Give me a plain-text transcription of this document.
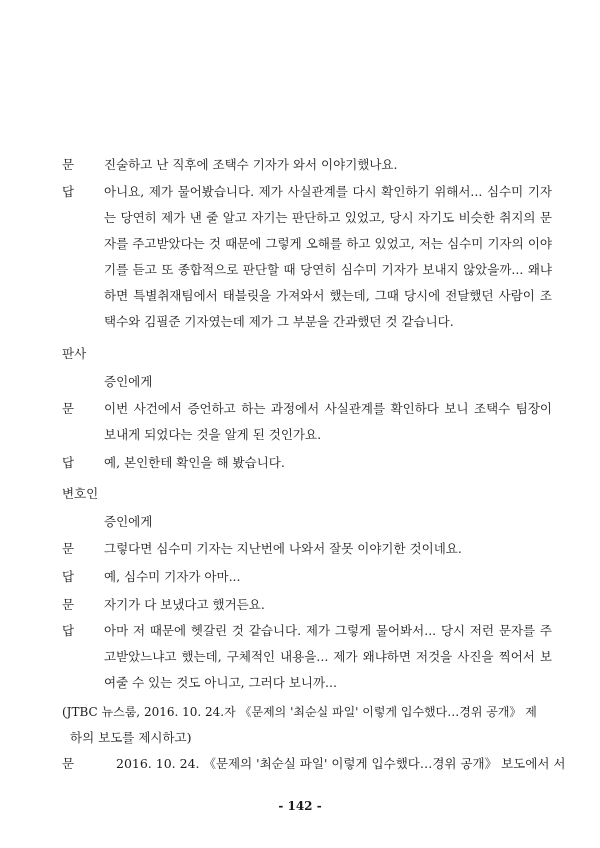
문 진술하고 난 직후에 조택수 기자가 와서 이야기했나요.

답 아니요, 제가 물어봤습니다. 제가 사실관계를 다시 확인하기 위해서... 심수미 기자는 당연히 제가 낸 줄 알고 자기는 판단하고 있었고, 당시 자기도 비슷한 취지의 문자를 주고받았다는 것 때문에 그렇게 오해를 하고 있었고, 저는 심수미 기자의 이야기를 듣고 또 종합적으로 판단할 때 당연히 심수미 기자가 보내지 않았을까... 왜냐하면 특별취재팀에서 태블릿을 가져와서 했는데, 그때 당시에 전달했던 사람이 조택수와 김필준 기자였는데 제가 그 부분을 간과했던 것 같습니다.

판사

증인에게

문 이번 사건에서 증언하고 하는 과정에서 사실관계를 확인하다 보니 조택수 팀장이 보내게 되었다는 것을 알게 된 것인가요.

답 예, 본인한테 확인을 해 봤습니다.

변호인

증인에게

문 그렇다면 심수미 기자는 지난번에 나와서 잘못 이야기한 것이네요.

답 예, 심수미 기자가 아마...

문 자기가 다 보냈다고 했거든요.

답 아마 저 때문에 헷갈린 것 같습니다. 제가 그렇게 물어봐서... 당시 저런 문자를 주고받았느냐고 했는데, 구체적인 내용을... 제가 왜냐하면 저것을 사진을 찍어서 보여줄 수 있는 것도 아니고, 그러다 보니까...

(JTBC 뉴스룸, 2016. 10. 24.자 《문제의 '최순실 파일' 이렇게 입수했다…경위 공개》 제

하의 보도를 제시하고)

문	2016. 10. 24. 《문제의 '최순실 파일' 이렇게 입수했다…경위 공개》 보도에서 서

- 142 -
